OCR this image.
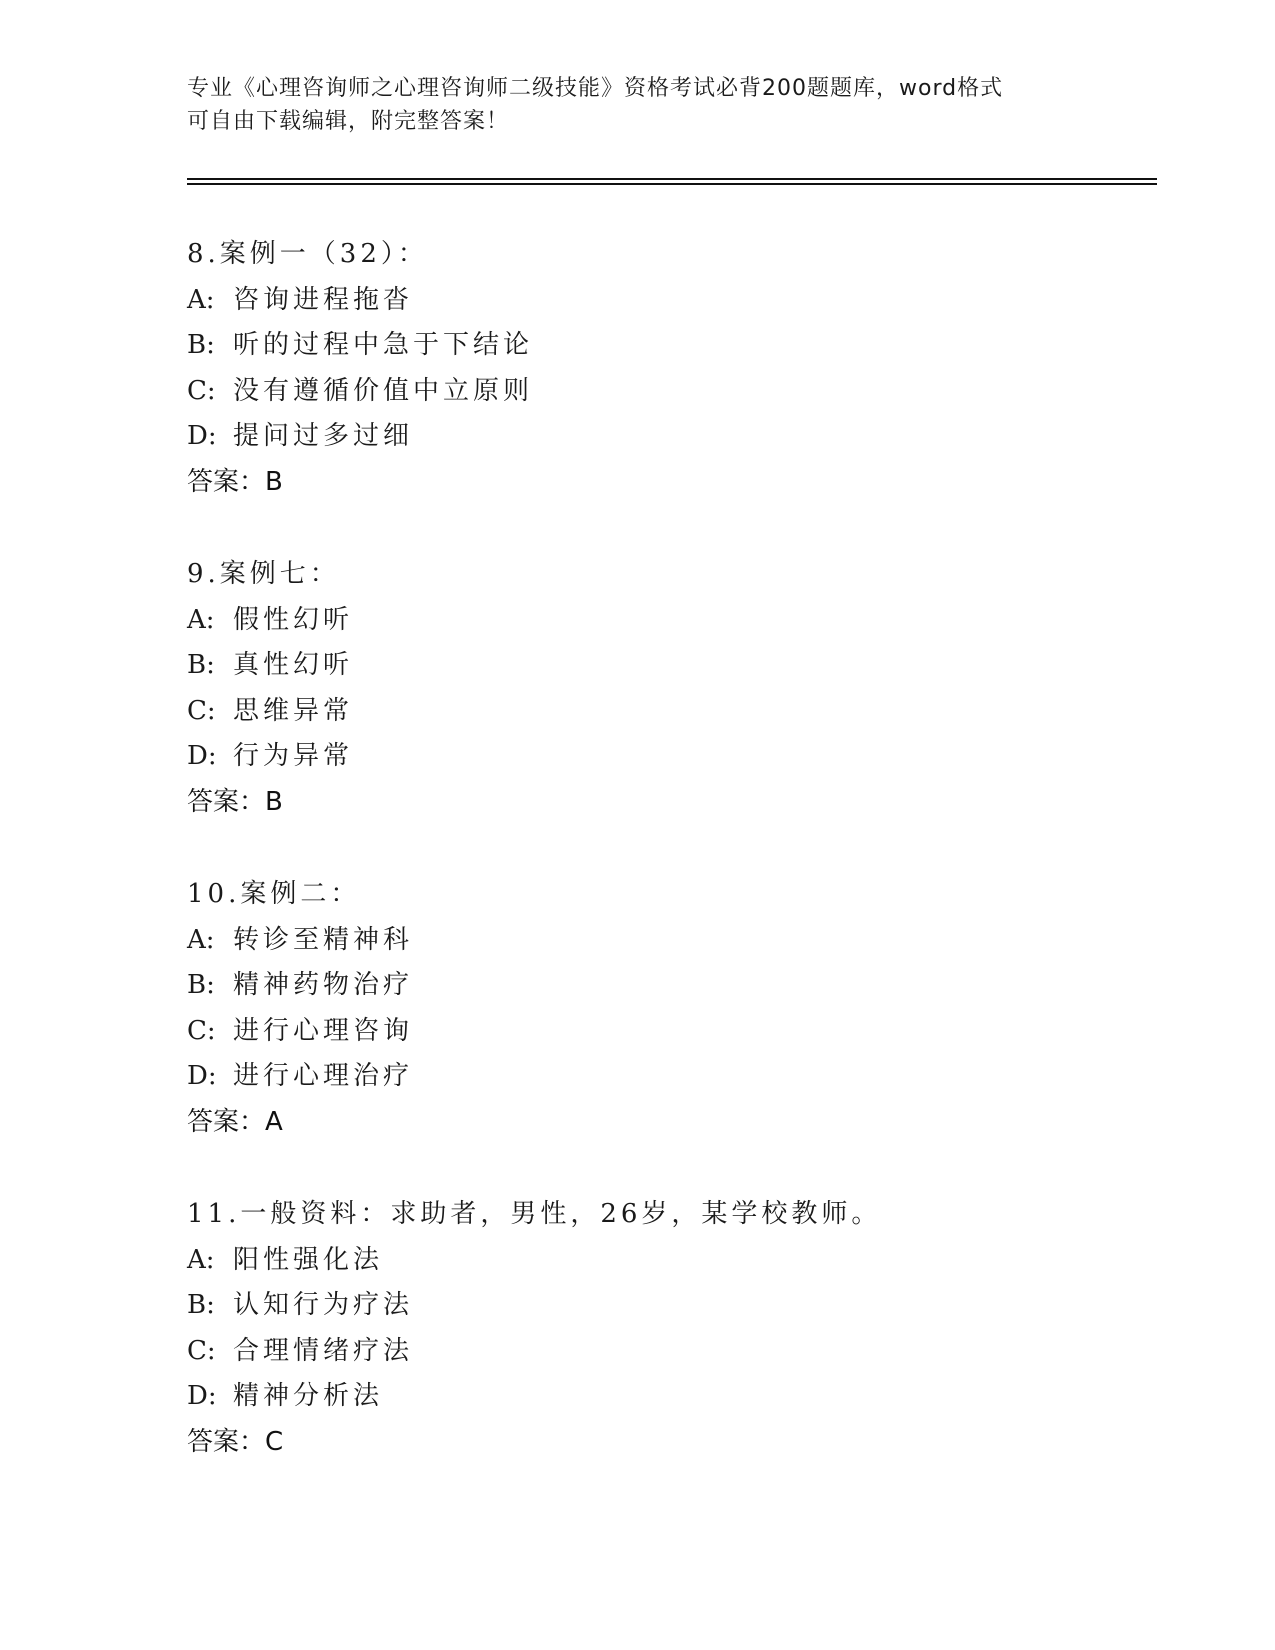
专业《心理咨询师之心理咨询师二级技能》资格考试必背200题题库，word格式
可自由下载编辑，附完整答案！
8.案例一（32）：
A: 咨询进程拖沓
B: 听的过程中急于下结论
C: 没有遵循价值中立原则
D: 提问过多过细
答案：B
9.案例七：
A: 假性幻听
B: 真性幻听
C: 思维异常
D: 行为异常
答案：B
10.案例二：
A: 转诊至精神科
B: 精神药物治疗
C: 进行心理咨询
D: 进行心理治疗
答案：A
11.一般资料：求助者，男性，26岁，某学校教师。
A: 阳性强化法
B: 认知行为疗法
C: 合理情绪疗法
D: 精神分析法
答案：C
